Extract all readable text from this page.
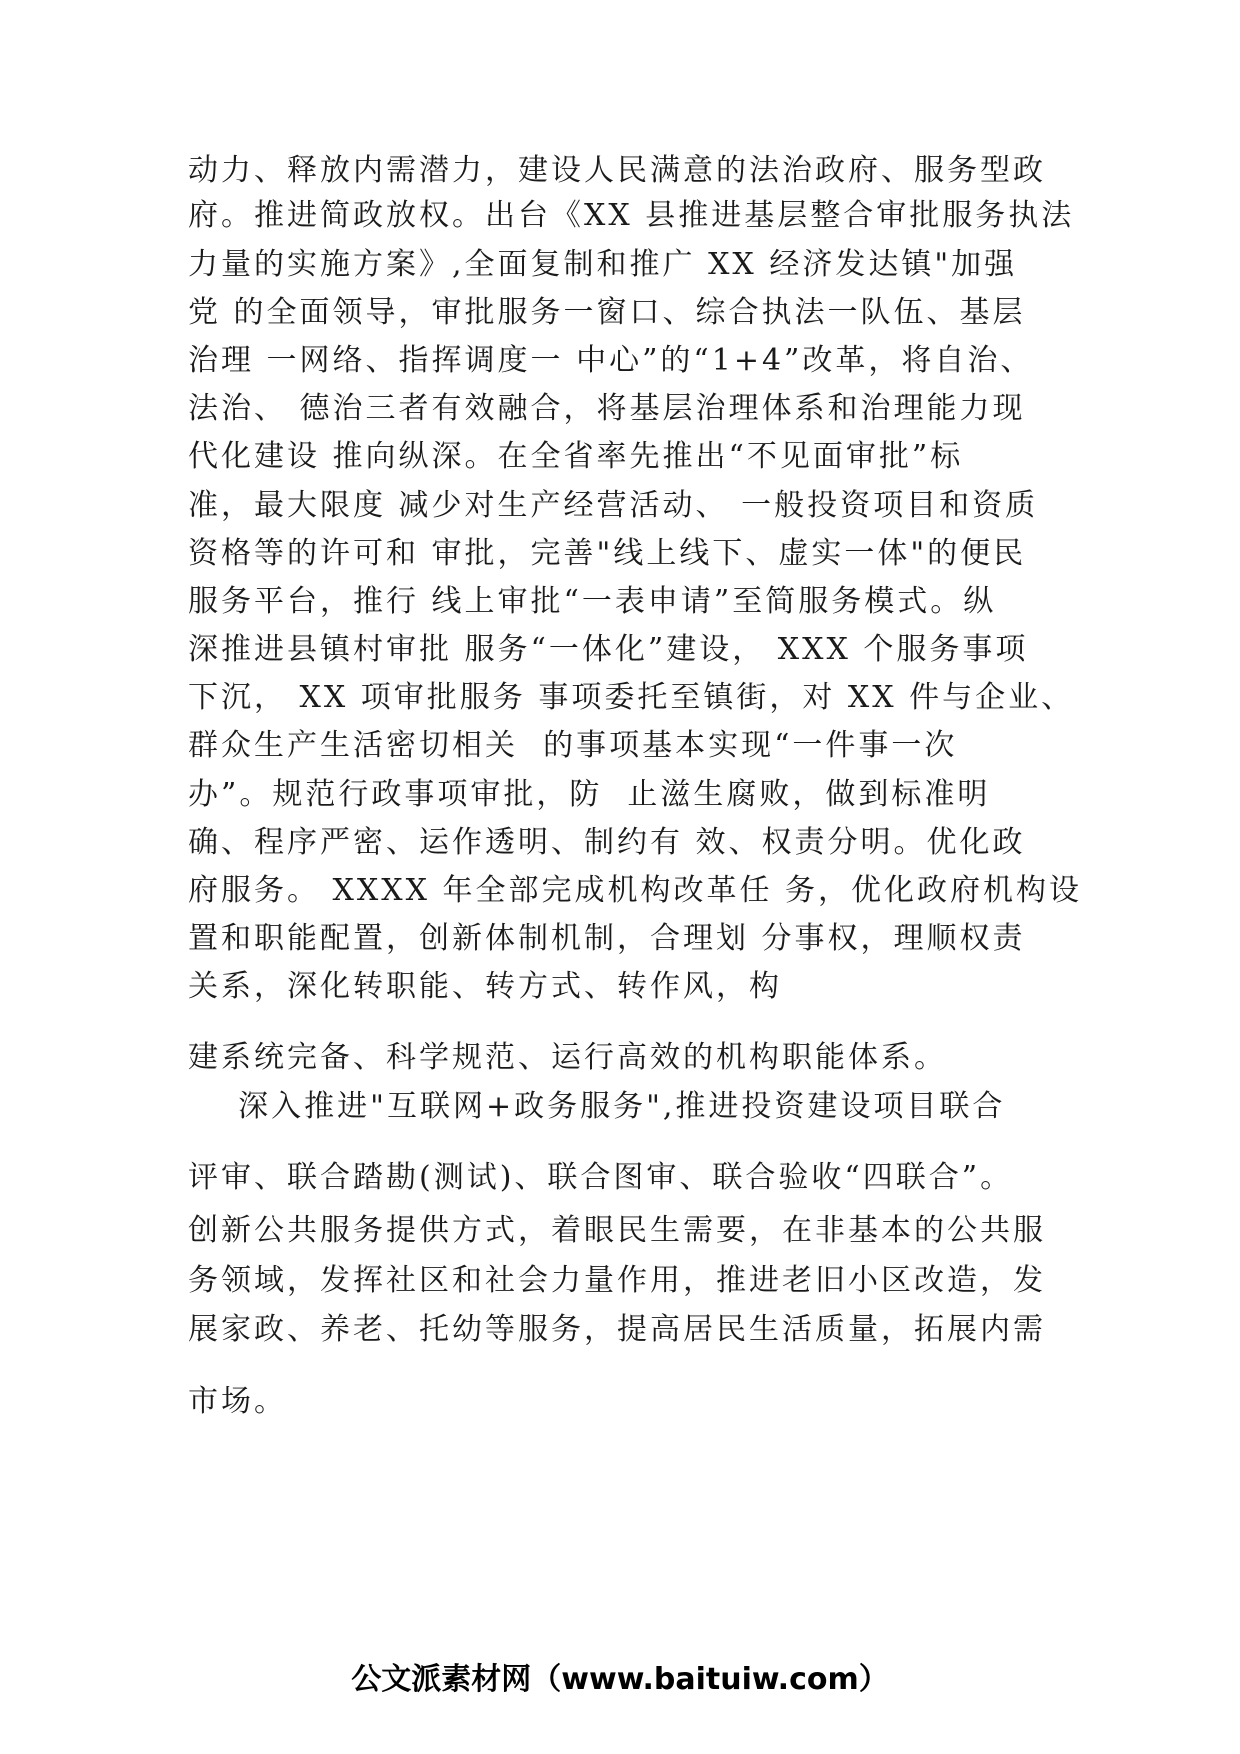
动力、释放内需潜力，建设人民满意的法治政府、服务型政
府。推进简政放权。出台《XX 县推进基层整合审批服务执法
力量的实施方案》,全面复制和推广 XX 经济发达镇"加强
党 的全面领导，审批服务一窗口、综合执法一队伍、基层
治理 一网络、指挥调度一 中心”的“1+4”改革，将自治、
法治、 德治三者有效融合，将基层治理体系和治理能力现
代化建设 推向纵深。在全省率先推出“不见面审批”标
准，最大限度 减少对生产经营活动、 一般投资项目和资质
资格等的许可和 审批，完善"线上线下、虚实一体"的便民
服务平台，推行 线上审批“一表申请”至简服务模式。纵
深推进县镇村审批 服务“一体化”建设， XXX 个服务事项
下沉， XX 项审批服务 事项委托至镇街，对 XX 件与企业、
群众生产生活密切相关  的事项基本实现“一件事一次
办”。规范行政事项审批，防  止滋生腐败，做到标准明
确、程序严密、运作透明、制约有 效、权责分明。优化政
府服务。 XXXX 年全部完成机构改革任 务，优化政府机构设
置和职能配置，创新体制机制，合理划 分事权，理顺权责
关系，深化转职能、转方式、转作风，构
建系统完备、科学规范、运行高效的机构职能体系。
深入推进"互联网+政务服务",推进投资建设项目联合
评审、联合踏勘(测试)、联合图审、联合验收“四联合”。
创新公共服务提供方式，着眼民生需要，在非基本的公共服
务领域，发挥社区和社会力量作用，推进老旧小区改造，发
展家政、养老、托幼等服务，提高居民生活质量，拓展内需
市场。
公文派素材网（www.baituiw.com）
